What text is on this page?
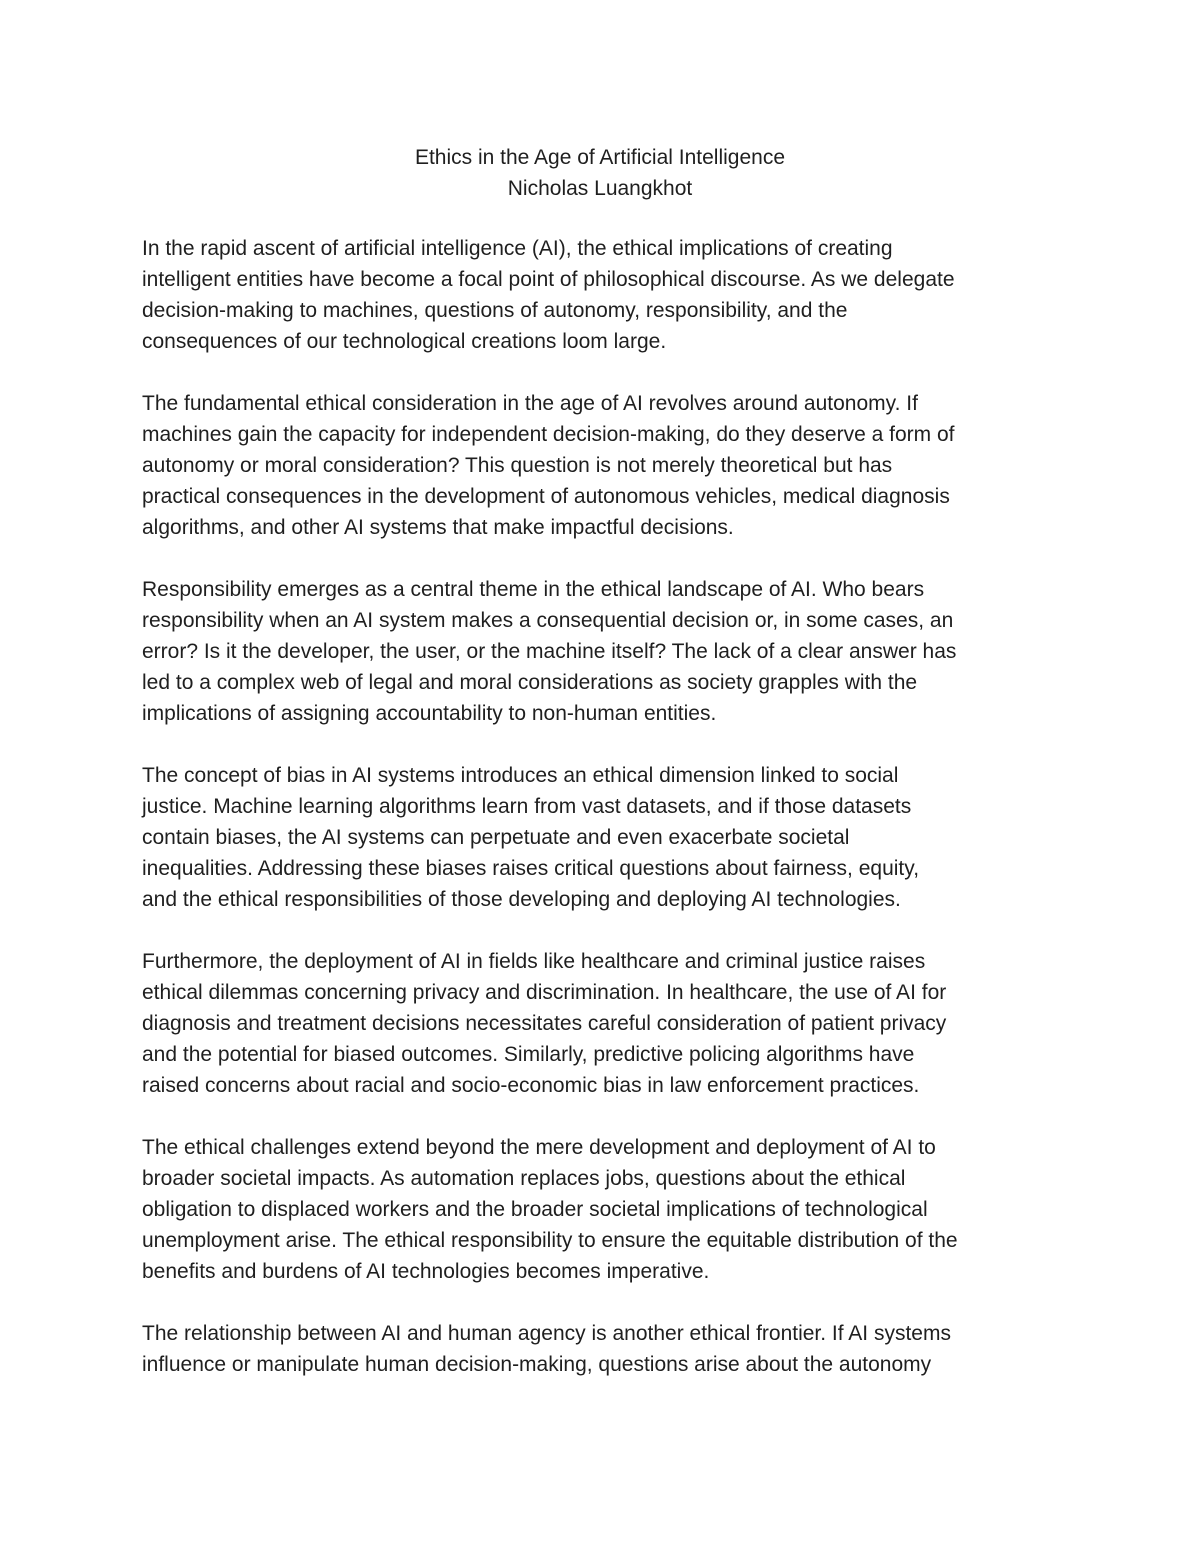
Ethics in the Age of Artificial Intelligence
Nicholas Luangkhot
In the rapid ascent of artificial intelligence (AI), the ethical implications of creating
intelligent entities have become a focal point of philosophical discourse. As we delegate
decision-making to machines, questions of autonomy, responsibility, and the
consequences of our technological creations loom large.
The fundamental ethical consideration in the age of AI revolves around autonomy. If
machines gain the capacity for independent decision-making, do they deserve a form of
autonomy or moral consideration? This question is not merely theoretical but has
practical consequences in the development of autonomous vehicles, medical diagnosis
algorithms, and other AI systems that make impactful decisions.
Responsibility emerges as a central theme in the ethical landscape of AI. Who bears
responsibility when an AI system makes a consequential decision or, in some cases, an
error? Is it the developer, the user, or the machine itself? The lack of a clear answer has
led to a complex web of legal and moral considerations as society grapples with the
implications of assigning accountability to non-human entities.
The concept of bias in AI systems introduces an ethical dimension linked to social
justice. Machine learning algorithms learn from vast datasets, and if those datasets
contain biases, the AI systems can perpetuate and even exacerbate societal
inequalities. Addressing these biases raises critical questions about fairness, equity,
and the ethical responsibilities of those developing and deploying AI technologies.
Furthermore, the deployment of AI in fields like healthcare and criminal justice raises
ethical dilemmas concerning privacy and discrimination. In healthcare, the use of AI for
diagnosis and treatment decisions necessitates careful consideration of patient privacy
and the potential for biased outcomes. Similarly, predictive policing algorithms have
raised concerns about racial and socio-economic bias in law enforcement practices.
The ethical challenges extend beyond the mere development and deployment of AI to
broader societal impacts. As automation replaces jobs, questions about the ethical
obligation to displaced workers and the broader societal implications of technological
unemployment arise. The ethical responsibility to ensure the equitable distribution of the
benefits and burdens of AI technologies becomes imperative.
The relationship between AI and human agency is another ethical frontier. If AI systems
influence or manipulate human decision-making, questions arise about the autonomy
